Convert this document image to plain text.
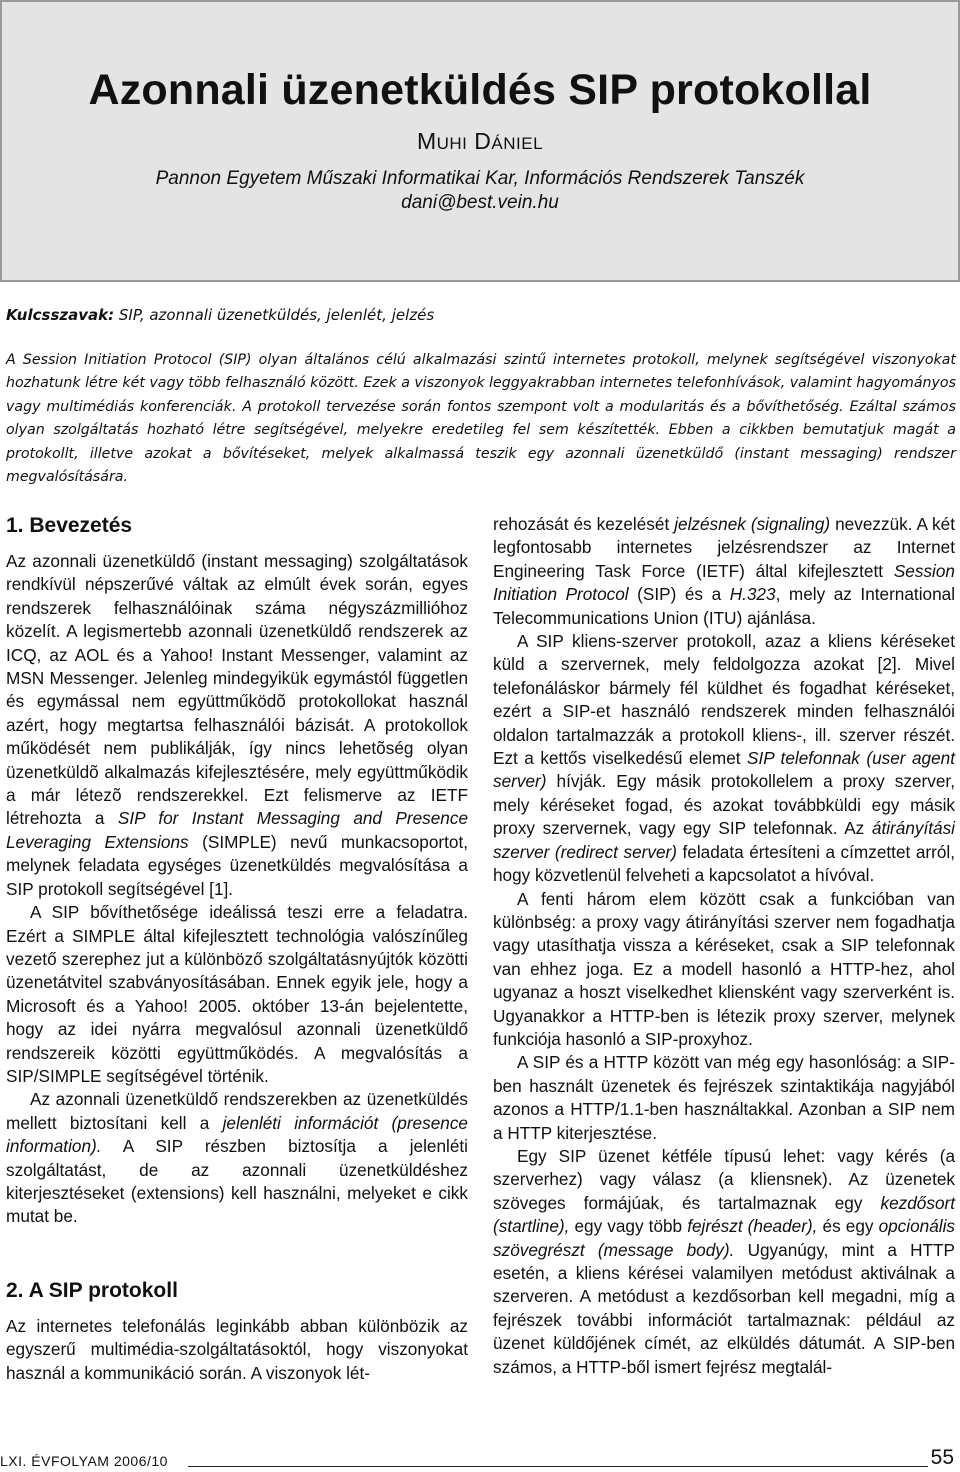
Azonnali üzenetküldés SIP protokollal
MUHI DÁNIEL
Pannon Egyetem Műszaki Informatikai Kar, Információs Rendszerek Tanszék
dani@best.vein.hu
Kulcsszavak: SIP, azonnali üzenetküldés, jelenlét, jelzés
A Session Initiation Protocol (SIP) olyan általános célú alkalmazási szintű internetes protokoll, melynek segítségével viszonyokat hozhatunk létre két vagy több felhasználó között. Ezek a viszonyok leggyakrabban internetes telefonhívások, valamint hagyományos vagy multimédiás konferenciák. A protokoll tervezése során fontos szempont volt a modularitás és a bővíthetőség. Ezáltal számos olyan szolgáltatás hozható létre segítségével, melyekre eredetileg fel sem készítették. Ebben a cikkben bemutatjuk magát a protokollt, illetve azokat a bővítéseket, melyek alkalmassá teszik egy azonnali üzenetküldő (instant messaging) rendszer megvalósítására.
1. Bevezetés

Az azonnali üzenetküldő (instant messaging) szolgáltatások rendkívül népszerűvé váltak az elmúlt évek során, egyes rendszerek felhasználóinak száma négyszázmillióhoz közelít. A legismertebb azonnali üzenetküldő rendszerek az ICQ, az AOL és a Yahoo! Instant Messenger, valamint az MSN Messenger. Jelenleg mindegyikük egymástól független és egymással nem együttműködõ protokollokat használ azért, hogy megtartsa felhasználói bázisát. A protokollok működését nem publikálják, így nincs lehetõség olyan üzenetküldõ alkalmazás kifejlesztésére, mely együttműködik a már létezõ rendszerekkel. Ezt felismerve az IETF létrehozta a SIP for Instant Messaging and Presence Leveraging Extensions (SIMPLE) nevű munkacsoportot, melynek feladata egységes üzenetküldés megvalósítása a SIP protokoll segítségével [1].

A SIP bővíthetősége ideálissá teszi erre a feladatra. Ezért a SIMPLE által kifejlesztett technológia valószínűleg vezető szerephez jut a különböző szolgáltatásnyújtók közötti üzenetátvitel szabványosításában. Ennek egyik jele, hogy a Microsoft és a Yahoo! 2005. október 13-án bejelentette, hogy az idei nyárra megvalósul azonnali üzenetküldő rendszereik közötti együttműködés. A megvalósítás a SIP/SIMPLE segítségével történik.

Az azonnali üzenetküldő rendszerekben az üzenetküldés mellett biztosítani kell a jelenléti információt (presence information). A SIP részben biztosítja a jelenléti szolgáltatást, de az azonnali üzenetküldéshez kiterjesztéseket (extensions) kell használni, melyeket e cikk mutat be.

2. A SIP protokoll

Az internetes telefonálás leginkább abban különbözik az egyszerű multimédia-szolgáltatásoktól, hogy viszonyokat használ a kommunikáció során. A viszonyok lét-

rehozását és kezelését jelzésnek (signaling) nevezzük. A két legfontosabb internetes jelzésrendszer az Internet Engineering Task Force (IETF) által kifejlesztett Session Initiation Protocol (SIP) és a H.323, mely az International Telecommunications Union (ITU) ajánlása.

A SIP kliens-szerver protokoll, azaz a kliens kéréseket küld a szervernek, mely feldolgozza azokat [2]. Mivel telefonáláskor bármely fél küldhet és fogadhat kéréseket, ezért a SIP-et használó rendszerek minden felhasználói oldalon tartalmazzák a protokoll kliens-, ill. szerver részét. Ezt a kettős viselkedésű elemet SIP telefonnak (user agent server) hívják. Egy másik protokollelem a proxy szerver, mely kéréseket fogad, és azokat továbbküldi egy másik proxy szervernek, vagy egy SIP telefonnak. Az átirányítási szerver (redirect server) feladata értesíteni a címzettet arról, hogy közvetlenül felveheti a kapcsolatot a hívóval.

A fenti három elem között csak a funkcióban van különbség: a proxy vagy átirányítási szerver nem fogadhatja vagy utasíthatja vissza a kéréseket, csak a SIP telefonnak van ehhez joga. Ez a modell hasonló a HTTP-hez, ahol ugyanaz a hoszt viselkedhet kliensként vagy szerverként is. Ugyanakkor a HTTP-ben is létezik proxy szerver, melynek funkciója hasonló a SIP-proxyhoz.

A SIP és a HTTP között van még egy hasonlóság: a SIP-ben használt üzenetek és fejrészek szintaktikája nagyjából azonos a HTTP/1.1-ben használtakkal. Azonban a SIP nem a HTTP kiterjesztése.

Egy SIP üzenet kétféle típusú lehet: vagy kérés (a szerverhez) vagy válasz (a kliensnek). Az üzenetek szöveges formájúak, és tartalmaznak egy kezdősort (startline), egy vagy több fejrészt (header), és egy opcionális szövegrészt (message body). Ugyanúgy, mint a HTTP esetén, a kliens kérései valamilyen metódust aktiválnak a szerveren. A metódust a kezdősorban kell megadni, míg a fejrészek további információt tartalmaznak: például az üzenet küldőjének címét, az elküldés dátumát. A SIP-ben számos, a HTTP-ből ismert fejrész megtalál-

LXI. ÉVFOLYAM 2006/10	55
